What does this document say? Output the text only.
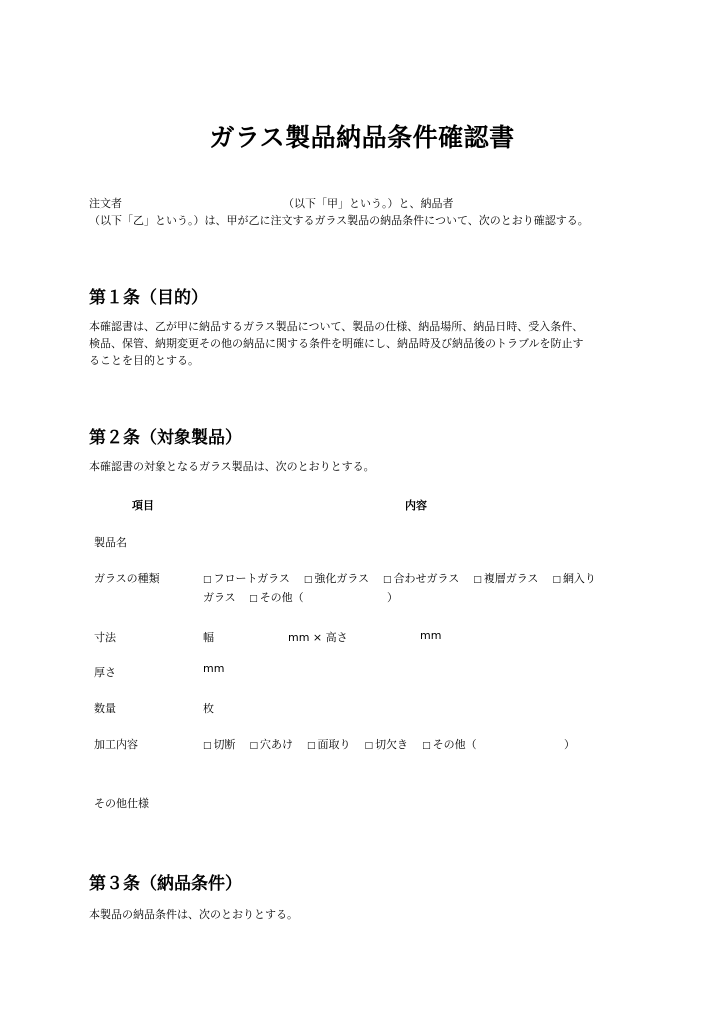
ガラス製品納品条件確認書
注文者	（以下「甲」という。）と、納品者
（以下「乙」という。）は、甲が乙に注文するガラス製品の納品条件について、次のとおり確認する。
第１条（目的）
本確認書は、乙が甲に納品するガラス製品について、製品の仕様、納品場所、納品日時、受入条件、
検品、保管、納期変更その他の納品に関する条件を明確にし、納品時及び納品後のトラブルを防止す
ることを目的とする。
第２条（対象製品）
本確認書の対象となるガラス製品は、次のとおりとする。
項目	内容
製品名
ガラスの種類	□ フロートガラス □ 強化ガラス □ 合わせガラス □ 複層ガラス □ 網入り
ガラス □ その他（	）
寸法	幅	mm × 高さ	mm
厚さ	mm
数量	枚
加工内容	□ 切断 □ 穴あけ □ 面取り □ 切欠き □ その他（	）
その他仕様
第３条（納品条件）
本製品の納品条件は、次のとおりとする。
